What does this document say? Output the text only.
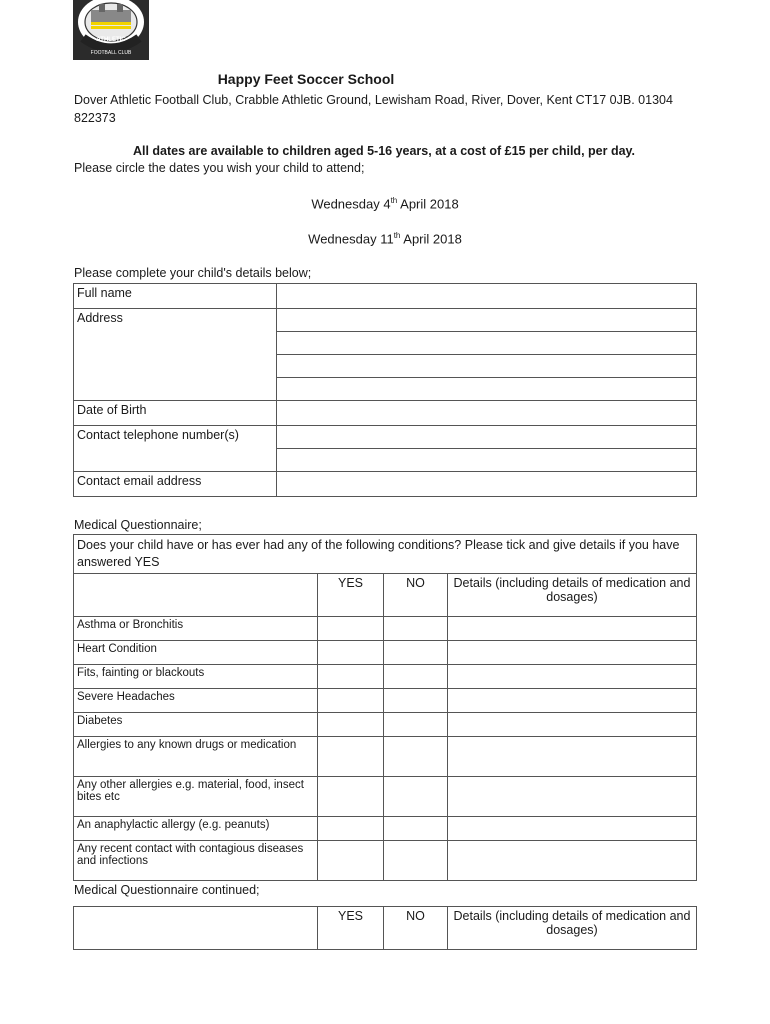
ATHLETIC
FOOTBALL CLUB
Happy Feet Soccer School
Dover Athletic Football Club, Crabble Athletic Ground, Lewisham Road, River, Dover, Kent CT17 0JB. 01304 822373
All dates are available to children aged 5-16 years, at a cost of £15 per child, per day.
Please circle the dates you wish your child to attend;
Wednesday 4th April 2018
Wednesday 11th April 2018
Please complete your child's details below;
Full name	
Address	

Date of Birth	
Contact telephone number(s)	

Contact email address	
Medical Questionnaire;
Does your child have or has ever had any of the following conditions? Please tick and give details if you have answered YES			
	YES	NO	Details (including details of medication and dosages)
Asthma or Bronchitis			
Heart Condition			
Fits, fainting or blackouts			
Severe Headaches			
Diabetes			
Allergies to any known drugs or medication			
Any other allergies e.g. material, food, insect bites etc			
An anaphylactic allergy (e.g. peanuts)			
Any recent contact with contagious diseases and infections			
Medical Questionnaire continued;
	YES	NO	Details (including details of medication and dosages)
